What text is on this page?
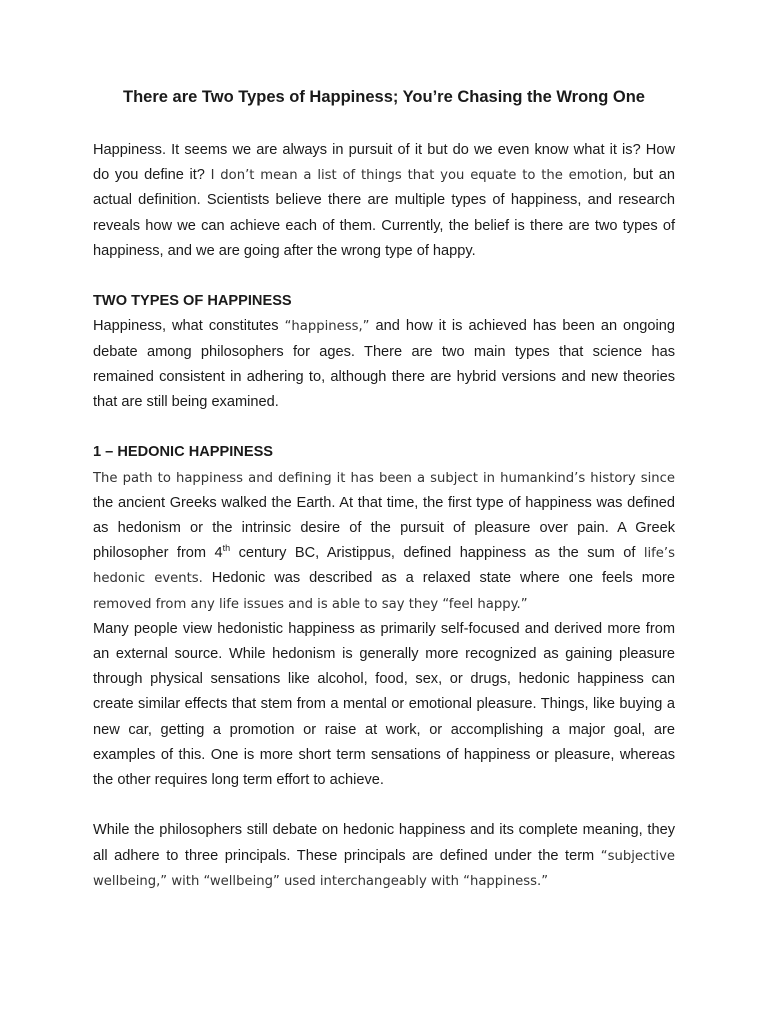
There are Two Types of Happiness; You’re Chasing the Wrong One

Happiness. It seems we are always in pursuit of it but do we even know what it is? How do you define it? I don’t mean a list of things that you equate to the emotion, but an actual definition. Scientists believe there are multiple types of happiness, and research reveals how we can achieve each of them. Currently, the belief is there are two types of happiness, and we are going after the wrong type of happy.

TWO TYPES OF HAPPINESS

Happiness, what constitutes “happiness,” and how it is achieved has been an ongoing debate among philosophers for ages. There are two main types that science has remained consistent in adhering to, although there are hybrid versions and new theories that are still being examined.

1 – HEDONIC HAPPINESS

The path to happiness and defining it has been a subject in humankind’s history since the ancient Greeks walked the Earth. At that time, the first type of happiness was defined as hedonism or the intrinsic desire of the pursuit of pleasure over pain. A Greek philosopher from 4th century BC, Aristippus, defined happiness as the sum of life’s hedonic events. Hedonic was described as a relaxed state where one feels more removed from any life issues and is able to say they “feel happy.”

Many people view hedonistic happiness as primarily self-focused and derived more from an external source. While hedonism is generally more recognized as gaining pleasure through physical sensations like alcohol, food, sex, or drugs, hedonic happiness can create similar effects that stem from a mental or emotional pleasure. Things, like buying a new car, getting a promotion or raise at work, or accomplishing a major goal, are examples of this. One is more short term sensations of happiness or pleasure, whereas the other requires long term effort to achieve.

While the philosophers still debate on hedonic happiness and its complete meaning, they all adhere to three principals. These principals are defined under the term “subjective wellbeing,” with “wellbeing” used interchangeably with “happiness.”
